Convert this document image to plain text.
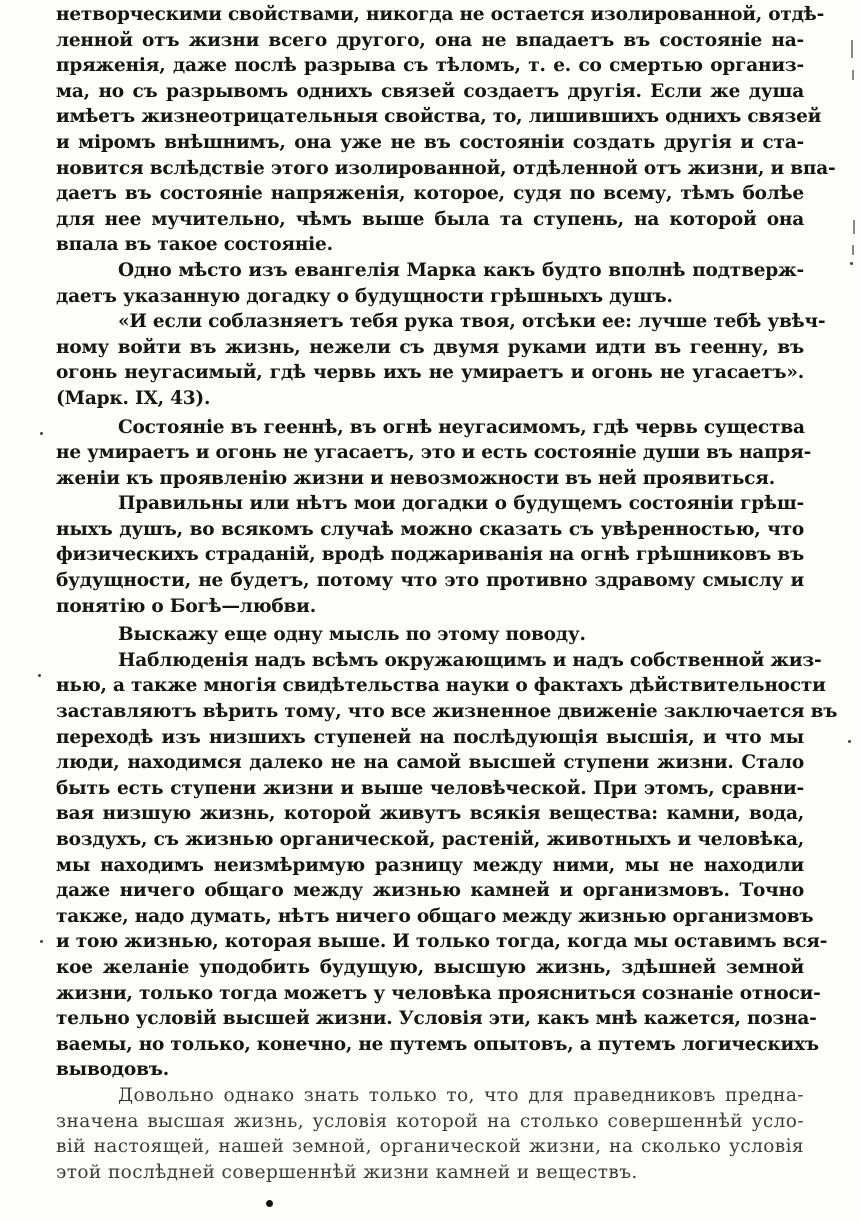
нетворческими свойствами, никогда не остается изолированной, отдѣ-
ленной отъ жизни всего другого, она не впадаетъ въ состоянiе на-
пряженія, даже послѣ разрыва съ тѣломъ, т. е. со смертью организ-
ма, но съ разрывомъ однихъ связей создаетъ другія. Если же душа
имѣетъ жизнеотрицательныя свойства, то, лишившихъ однихъ связей
и мiромъ внѣшнимъ, она уже не въ состоянiи создать другія и ста-
новится вслѣдствiе этого изолированной, отдѣленной отъ жизни, и впа-
даетъ въ состоянiе напряженія, которое, судя по всему, тѣмъ болѣе
для нее мучительно, чѣмъ выше была та ступень, на которой она
впала въ такое состоянiе.
Одно мѣсто изъ евангелія Марка какъ будто вполнѣ подтверж-
даетъ указанную догадку о будущности грѣшныхъ душъ.
«И если соблазняетъ тебя рука твоя, отсѣки ее: лучше тебѣ увѣч-
ному войти въ жизнь, нежели съ двумя руками идти въ геенну, въ
огонь неугасимый, гдѣ червь ихъ не умираетъ и огонь не угасаетъ».
(Марк. IX, 43).
Состоянiе въ гееннѣ, въ огнѣ неугасимомъ, гдѣ червь существа
не умираетъ и огонь не угасаетъ, это и есть состоянiе души въ напря-
женіи къ проявленію жизни и невозможности въ ней проявиться.
Правильны или нѣтъ мои догадки о будущемъ состоянiи грѣш-
ныхъ душъ, во всякомъ случаѣ можно сказать съ увѣренностью, что
физическихъ страданій, вродѣ поджариванія на огнѣ грѣшниковъ въ
будущности, не будетъ, потому что это противно здравому смыслу и
понятiю о Богѣ—любви.
Выскажу еще одну мысль по этому поводу.
Наблюденія надъ всѣмъ окружающимъ и надъ собственной жиз-
нью, а также многія свидѣтельства науки о фактахъ дѣйствительности
заставляютъ вѣрить тому, что все жизненное движенiе заключается въ
переходѣ изъ низшихъ ступеней на послѣдующія высшія, и что мы
люди, находимся далеко не на самой высшей ступени жизни. Стало
быть есть ступени жизни и выше человѣческой. При этомъ, сравни-
вая низшую жизнь, которой живутъ всякія вещества: камни, вода,
воздухъ, съ жизнью органической, растеній, животныхъ и человѣка,
мы находимъ неизмѣримую разницу между ними, мы не находили
даже ничего общаго между жизнью камней и организмовъ. Точно
также, надо думать, нѣтъ ничего общаго между жизнью организмовъ
и тою жизнью, которая выше. И только тогда, когда мы оставимъ вся-
кое желанiе уподобить будущую, высшую жизнь, здѣшней земной
жизни, только тогда можетъ у человѣка проясниться сознанiе относи-
тельно условій высшей жизни. Условія эти, какъ мнѣ кажется, позна-
ваемы, но только, конечно, не путемъ опытовъ, а путемъ логическихъ
выводовъ.
Довольно однако знать только то, что для праведниковъ предна-
значена высшая жизнь, условія которой на столько совершеннѣй усло-
вій настоящей, нашей земной, органической жизни, на сколько условія
этой послѣдней совершеннѣй жизни камней и веществъ.
